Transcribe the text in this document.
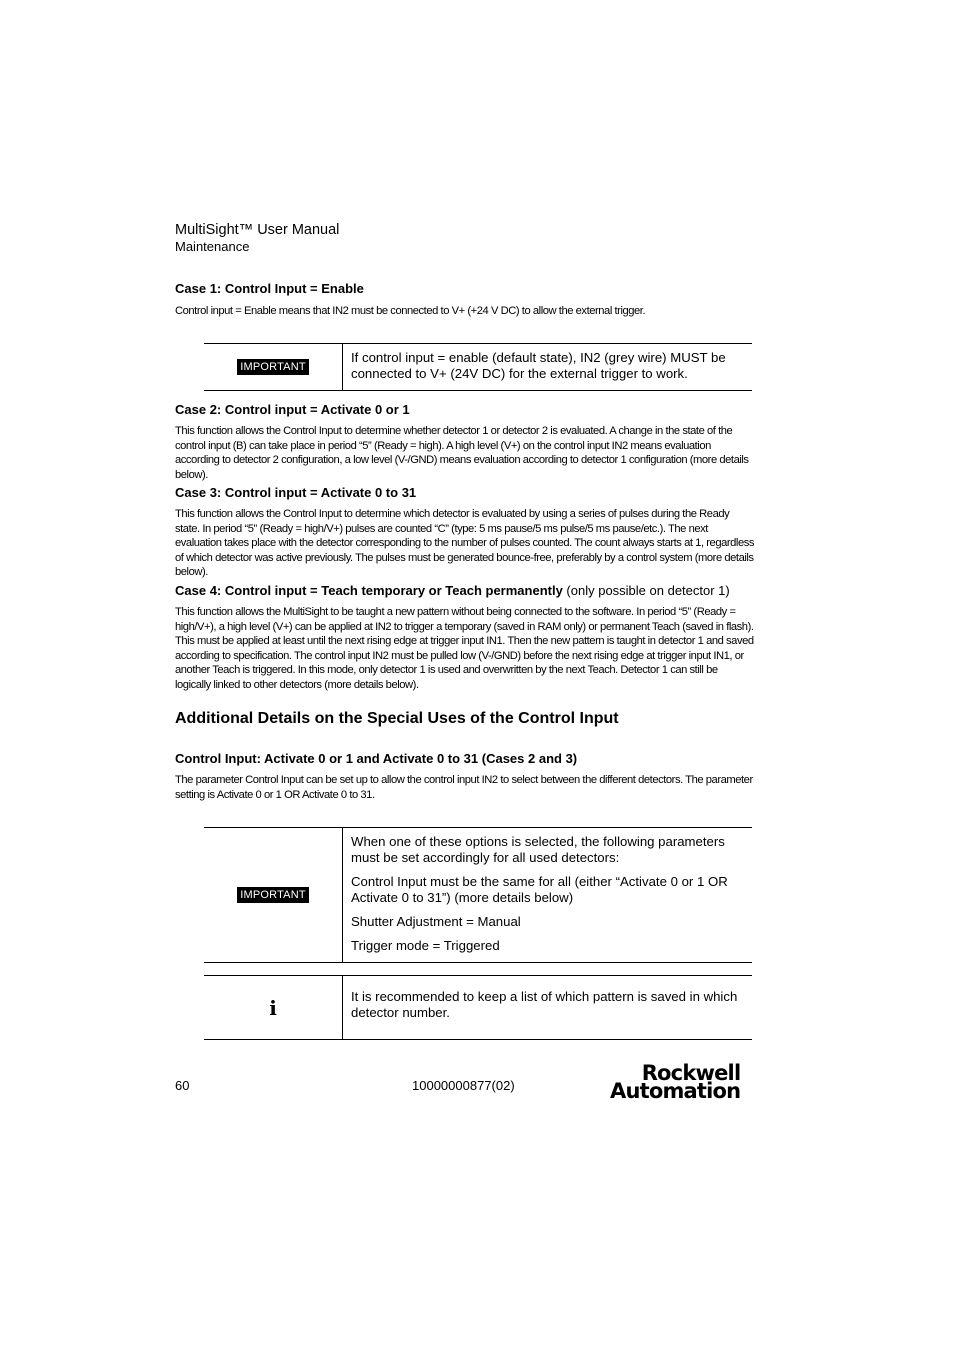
MultiSight™ User Manual
Maintenance
Case 1: Control Input = Enable
Control input = Enable means that IN2 must be connected to V+ (+24 V DC) to allow the external trigger.
IMPORTANT

If control input = enable (default state), IN2 (grey wire) MUST be connected to V+ (24V DC) for the external trigger to work.

Case 2: Control input = Activate 0 or 1
This function allows the Control Input to determine whether detector 1 or detector 2 is evaluated. A change in the state of the control input (B) can take place in period “5” (Ready = high). A high level (V+) on the control input IN2 means evaluation according to detector 2 configuration, a low level (V-/GND) means evaluation according to detector 1 configuration (more details below).
Case 3: Control input = Activate 0 to 31
This function allows the Control Input to determine which detector is evaluated by using a series of pulses during the Ready state. In period “5” (Ready = high/V+) pulses are counted “C” (type: 5 ms pause/5 ms pulse/5 ms pause/etc.). The next evaluation takes place with the detector corresponding to the number of pulses counted. The count always starts at 1, regardless of which detector was active previously. The pulses must be generated bounce-free, preferably by a control system (more details below).
Case 4: Control input = Teach temporary or Teach permanently (only possible on detector 1)
This function allows the MultiSight to be taught a new pattern without being connected to the software. In period “5” (Ready = high/V+), a high level (V+) can be applied at IN2 to trigger a temporary (saved in RAM only) or permanent Teach (saved in flash). This must be applied at least until the next rising edge at trigger input IN1. Then the new pattern is taught in detector 1 and saved according to specification. The control input IN2 must be pulled low (V-/GND) before the next rising edge at trigger input IN1, or another Teach is triggered. In this mode, only detector 1 is used and overwritten by the next Teach. Detector 1 can still be logically linked to other detectors (more details below).
Additional Details on the Special Uses of the Control Input
Control Input: Activate 0 or 1 and Activate 0 to 31 (Cases 2 and 3)
The parameter Control Input can be set up to allow the control input IN2 to select between the different detectors. The parameter setting is Activate 0 or 1 OR Activate 0 to 31.
IMPORTANT

When one of these options is selected, the following parameters must be set accordingly for all used detectors:

Control Input must be the same for all (either “Activate 0 or 1 OR Activate 0 to 31”) (more details below)

Shutter Adjustment = Manual

Trigger mode = Triggered

ⅰ	It is recommended to keep a list of which pattern is saved in which detector number.

60	10000000877(02)
Rockwell
Automation
